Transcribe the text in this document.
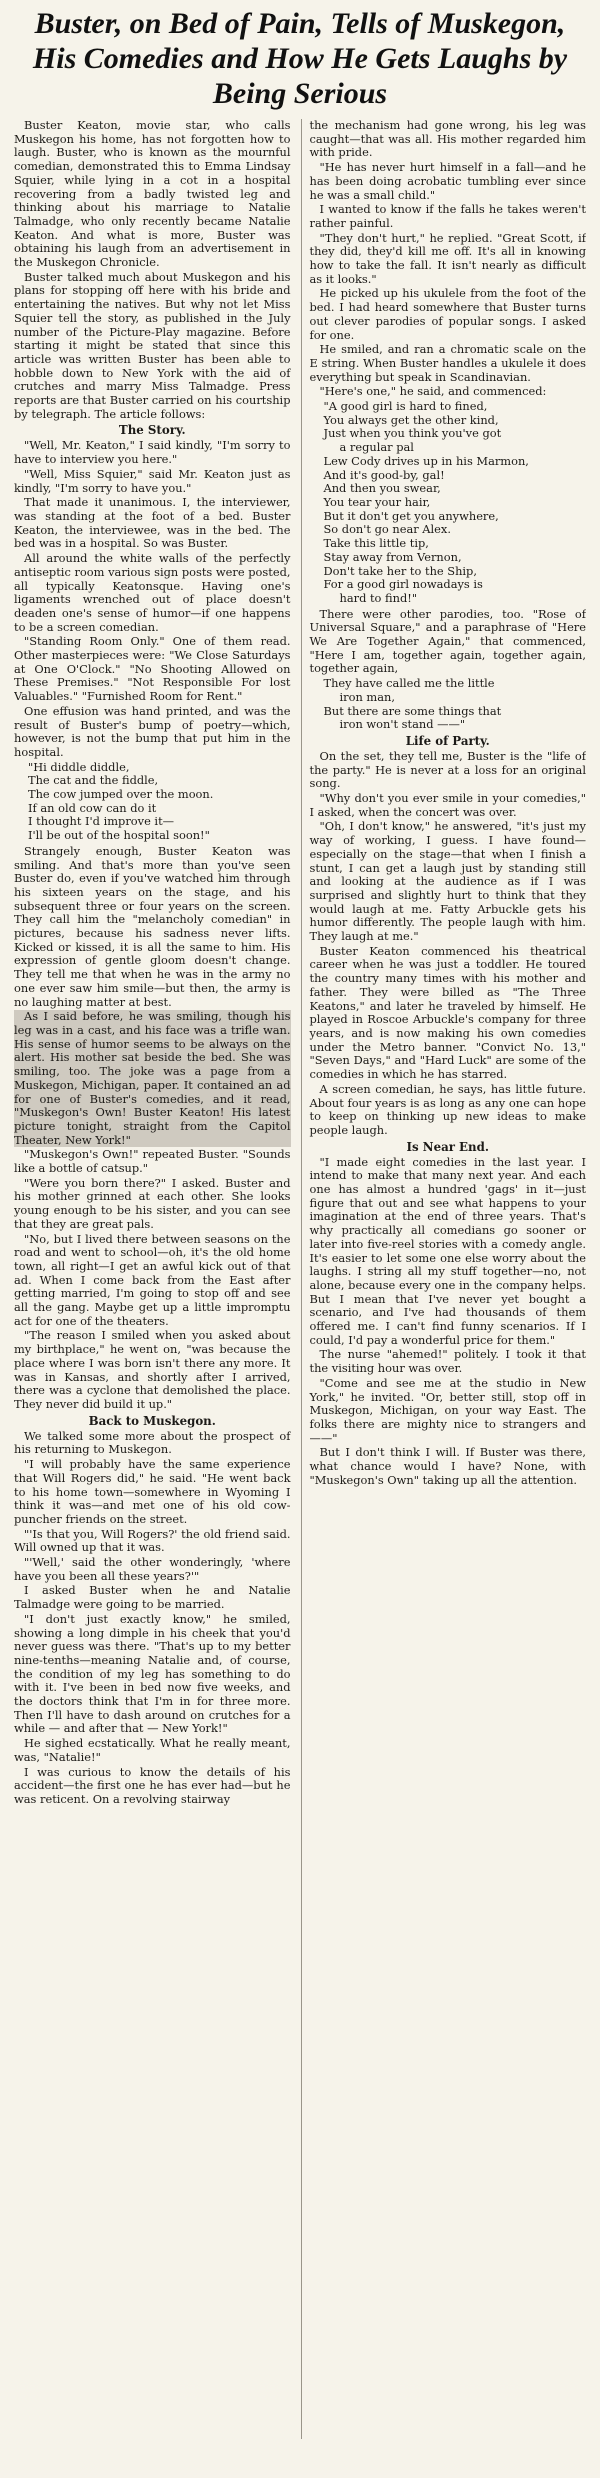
Buster, on Bed of Pain, Tells of Muskegon, His Comedies and How He Gets Laughs by Being Serious

Buster Keaton, movie star, who calls Muskegon his home, has not forgotten how to laugh. Buster, who is known as the mournful comedian, demonstrated this to Emma Lindsay Squier, while lying in a cot in a hospital recovering from a badly twisted leg and thinking about his marriage to Natalie Talmadge, who only recently became Natalie Keaton. And what is more, Buster was obtaining his laugh from an advertisement in the Muskegon Chronicle.

Buster talked much about Muskegon and his plans for stopping off here with his bride and entertaining the natives. But why not let Miss Squier tell the story, as published in the July number of the Picture-Play magazine. Before starting it might be stated that since this article was written Buster has been able to hobble down to New York with the aid of crutches and marry Miss Talmadge. Press reports are that Buster carried on his courtship by telegraph. The article follows:

The Story.

"Well, Mr. Keaton," I said kindly, "I'm sorry to have to interview you here."

"Well, Miss Squier," said Mr. Keaton just as kindly, "I'm sorry to have you."

That made it unanimous. I, the interviewer, was standing at the foot of a bed. Buster Keaton, the interviewee, was in the bed. The bed was in a hospital. So was Buster.

All around the white walls of the perfectly antiseptic room various sign posts were posted, all typically Keatonsque. Having one's ligaments wrenched out of place doesn't deaden one's sense of humor—if one happens to be a screen comedian.

"Standing Room Only." One of them read. Other masterpieces were: "We Close Saturdays at One O'Clock." "No Shooting Allowed on These Premises." "Not Responsible For lost Valuables." "Furnished Room for Rent."

One effusion was hand printed, and was the result of Buster's bump of poetry—which, however, is not the bump that put him in the hospital.

"Hi diddle diddle,
The cat and the fiddle,
The cow jumped over the moon.
If an old cow can do it
I thought I'd improve it—
I'll be out of the hospital soon!"

Strangely enough, Buster Keaton was smiling. And that's more than you've seen Buster do, even if you've watched him through his sixteen years on the stage, and his subsequent three or four years on the screen. They call him the "melancholy comedian" in pictures, because his sadness never lifts. Kicked or kissed, it is all the same to him. His expression of gentle gloom doesn't change. They tell me that when he was in the army no one ever saw him smile—but then, the army is no laughing matter at best.

As I said before, he was smiling, though his leg was in a cast, and his face was a trifle wan. His sense of humor seems to be always on the alert. His mother sat beside the bed. She was smiling, too. The joke was a page from a Muskegon, Michigan, paper. It contained an ad for one of Buster's comedies, and it read, "Muskegon's Own! Buster Keaton! His latest picture tonight, straight from the Capitol Theater, New York!"

"Muskegon's Own!" repeated Buster. "Sounds like a bottle of catsup."

"Were you born there?" I asked. Buster and his mother grinned at each other. She looks young enough to be his sister, and you can see that they are great pals.

"No, but I lived there between seasons on the road and went to school—oh, it's the old home town, all right—I get an awful kick out of that ad. When I come back from the East after getting married, I'm going to stop off and see all the gang. Maybe get up a little impromptu act for one of the theaters.

"The reason I smiled when you asked about my birthplace," he went on, "was because the place where I was born isn't there any more. It was in Kansas, and shortly after I arrived, there was a cyclone that demolished the place. They never did build it up."

Back to Muskegon.

We talked some more about the prospect of his returning to Muskegon.

"I will probably have the same experience that Will Rogers did," he said. "He went back to his home town—somewhere in Wyoming I think it was—and met one of his old cow-puncher friends on the street.

"'Is that you, Will Rogers?' the old friend said. Will owned up that it was.

"'Well,' said the other wonderingly, 'where have you been all these years?'"

I asked Buster when he and Natalie Talmadge were going to be married.

"I don't just exactly know," he smiled, showing a long dimple in his cheek that you'd never guess was there. "That's up to my better nine-tenths—meaning Natalie and, of course, the condition of my leg has something to do with it. I've been in bed now five weeks, and the doctors think that I'm in for three more. Then I'll have to dash around on crutches for a while — and after that — New York!"

He sighed ecstatically. What he really meant, was, "Natalie!"

I was curious to know the details of his accident—the first one he has ever had—but he was reticent. On a revolving stairway

the mechanism had gone wrong, his leg was caught—that was all. His mother regarded him with pride.

"He has never hurt himself in a fall—and he has been doing acrobatic tumbling ever since he was a small child."

I wanted to know if the falls he takes weren't rather painful.

"They don't hurt," he replied. "Great Scott, if they did, they'd kill me off. It's all in knowing how to take the fall. It isn't nearly as difficult as it looks."

He picked up his ukulele from the foot of the bed. I had heard somewhere that Buster turns out clever parodies of popular songs. I asked for one.

He smiled, and ran a chromatic scale on the E string. When Buster handles a ukulele it does everything but speak in Scandinavian.

"Here's one," he said, and commenced:

"A good girl is hard to fined,
You always get the other kind,
Just when you think you've got
a regular pal
Lew Cody drives up in his Marmon,
And it's good-by, gal!
And then you swear,
You tear your hair,
But it don't get you anywhere,
So don't go near Alex.
Take this little tip,
Stay away from Vernon,
Don't take her to the Ship,
For a good girl nowadays is
hard to find!"

There were other parodies, too. "Rose of Universal Square," and a paraphrase of "Here We Are Together Again," that commenced, "Here I am, together again, together again, together again,

They have called me the little
iron man,
But there are some things that
iron won't stand ——"
Life of Party.

On the set, they tell me, Buster is the "life of the party." He is never at a loss for an original song.

"Why don't you ever smile in your comedies," I asked, when the concert was over.

"Oh, I don't know," he answered, "it's just my way of working, I guess. I have found—especially on the stage—that when I finish a stunt, I can get a laugh just by standing still and looking at the audience as if I was surprised and slightly hurt to think that they would laugh at me. Fatty Arbuckle gets his humor differently. The people laugh with him. They laugh at me."

Buster Keaton commenced his theatrical career when he was just a toddler. He toured the country many times with his mother and father. They were billed as "The Three Keatons," and later he traveled by himself. He played in Roscoe Arbuckle's company for three years, and is now making his own comedies under the Metro banner. "Convict No. 13," "Seven Days," and "Hard Luck" are some of the comedies in which he has starred.

A screen comedian, he says, has little future. About four years is as long as any one can hope to keep on thinking up new ideas to make people laugh.

Is Near End.

"I made eight comedies in the last year. I intend to make that many next year. And each one has almost a hundred 'gags' in it—just figure that out and see what happens to your imagination at the end of three years. That's why practically all comedians go sooner or later into five-reel stories with a comedy angle. It's easier to let some one else worry about the laughs. I string all my stuff together—no, not alone, because every one in the company helps. But I mean that I've never yet bought a scenario, and I've had thousands of them offered me. I can't find funny scenarios. If I could, I'd pay a wonderful price for them."

The nurse "ahemed!" politely. I took it that the visiting hour was over.

"Come and see me at the studio in New York," he invited. "Or, better still, stop off in Muskegon, Michigan, on your way East. The folks there are mighty nice to strangers and——"

But I don't think I will. If Buster was there, what chance would I have? None, with "Muskegon's Own" taking up all the attention.
